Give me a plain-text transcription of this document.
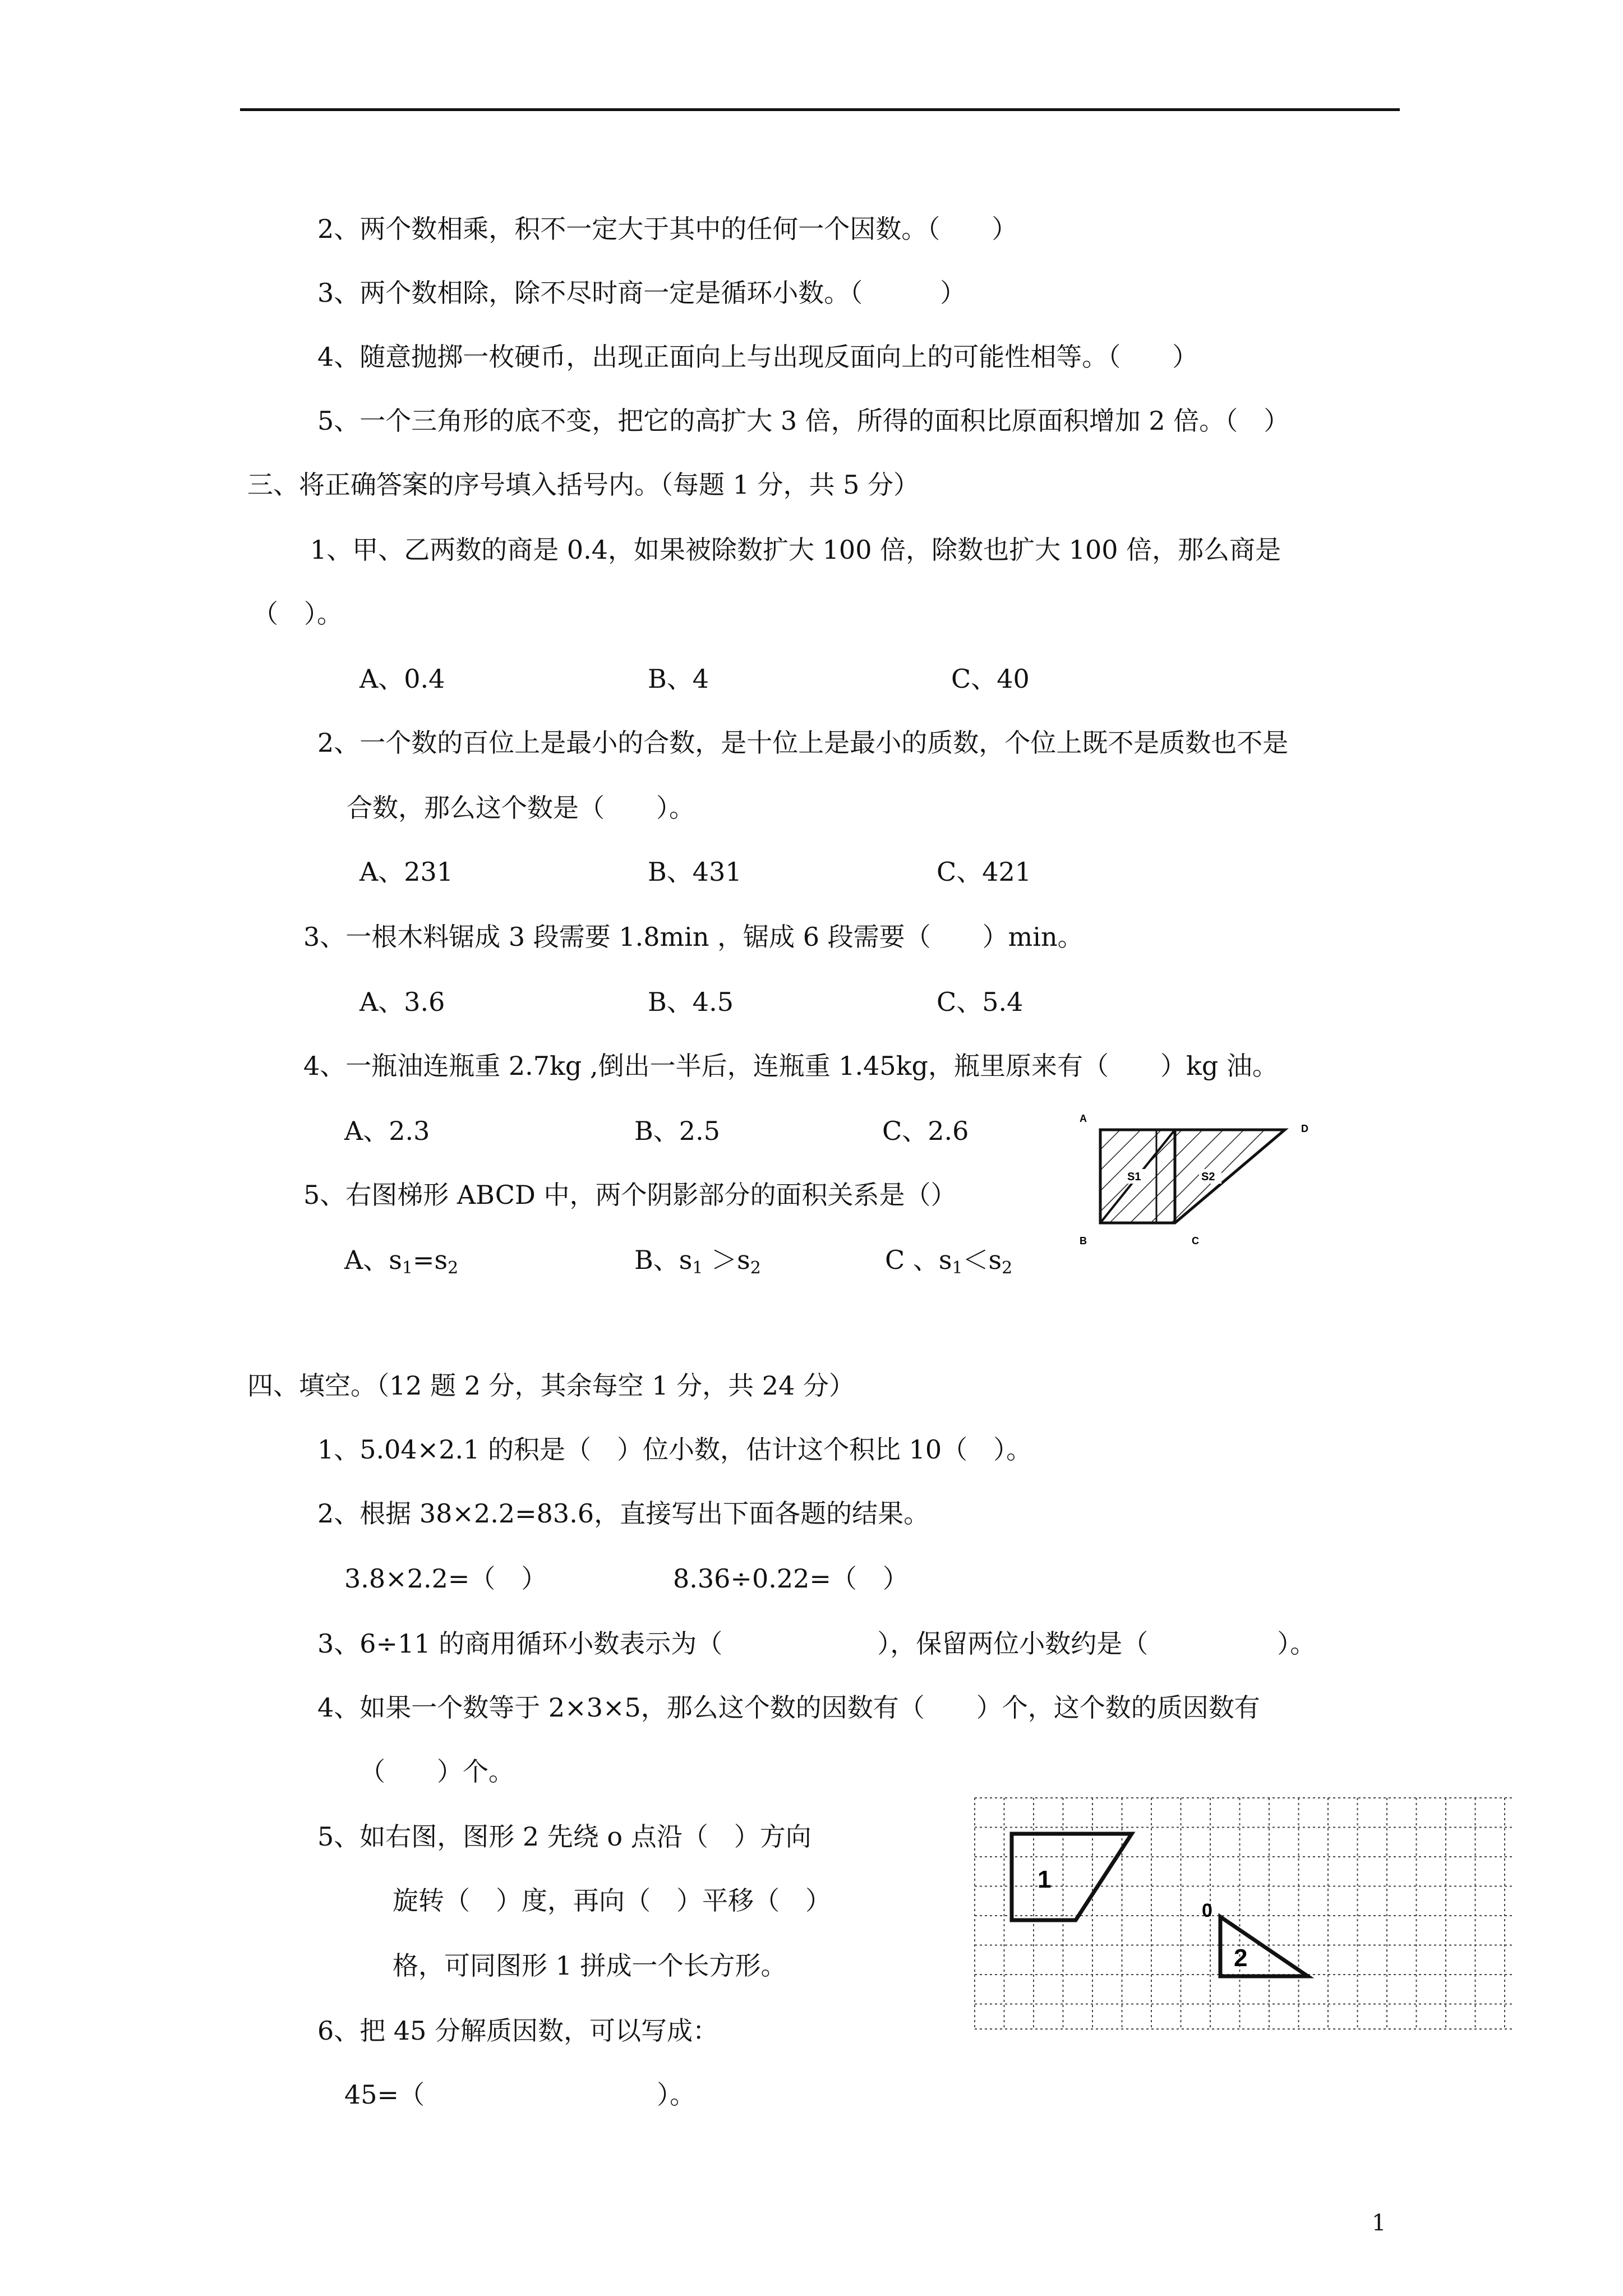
2、两个数相乘，积不一定大于其中的任何一个因数。（　　）
3、两个数相除，除不尽时商一定是循环小数。（　　　）
4、随意抛掷一枚硬币，出现正面向上与出现反面向上的可能性相等。（　　）
5、一个三角形的底不变，把它的高扩大 3 倍，所得的面积比原面积增加 2 倍。（　）
三、将正确答案的序号填入括号内。（每题 1 分，共 5 分）
1、甲、乙两数的商是 0.4，如果被除数扩大 100 倍，除数也扩大 100 倍，那么商是
（　）。
A、0.4	B、4	C、40
2、一个数的百位上是最小的合数，是十位上是最小的质数，个位上既不是质数也不是
合数，那么这个数是（　　）。
A、231	B、431	C、421
3、一根木料锯成 3 段需要 1.8min ，锯成 6 段需要（　　）min。
A、3.6	B、4.5	C、5.4
4、一瓶油连瓶重 2.7kg ,倒出一半后，连瓶重 1.45kg，瓶里原来有（　　）kg 油。
A、2.3	B、2.5	C、2.6
5、右图梯形 ABCD 中，两个阴影部分的面积关系是（）
A、$s_1=s_2$	B、$s_1 >s_2$	C 、$s_1<s_2$
A
D
B	C
S1	S2
四、填空。（12 题 2 分，其余每空 1 分，共 24 分）
1、5.04×2.1 的积是（　）位小数，估计这个积比 10（　）。
2、根据 38×2.2=83.6，直接写出下面各题的结果。
3.8×2.2=（　）	8.36÷0.22=（　）
3、6÷11 的商用循环小数表示为（　　　　　　），保留两位小数约是（　　　　　）。
4、如果一个数等于 2×3×5，那么这个数的因数有（　　）个，这个数的质因数有
（　　）个。
5、如右图，图形 2 先绕 o 点沿（　）方向
旋转（　）度，再向（　）平移（　）
格，可同图形 1 拼成一个长方形。
6、把 45 分解质因数，可以写成：
45=（　　　　　　　　　）。
1
2
0
1
